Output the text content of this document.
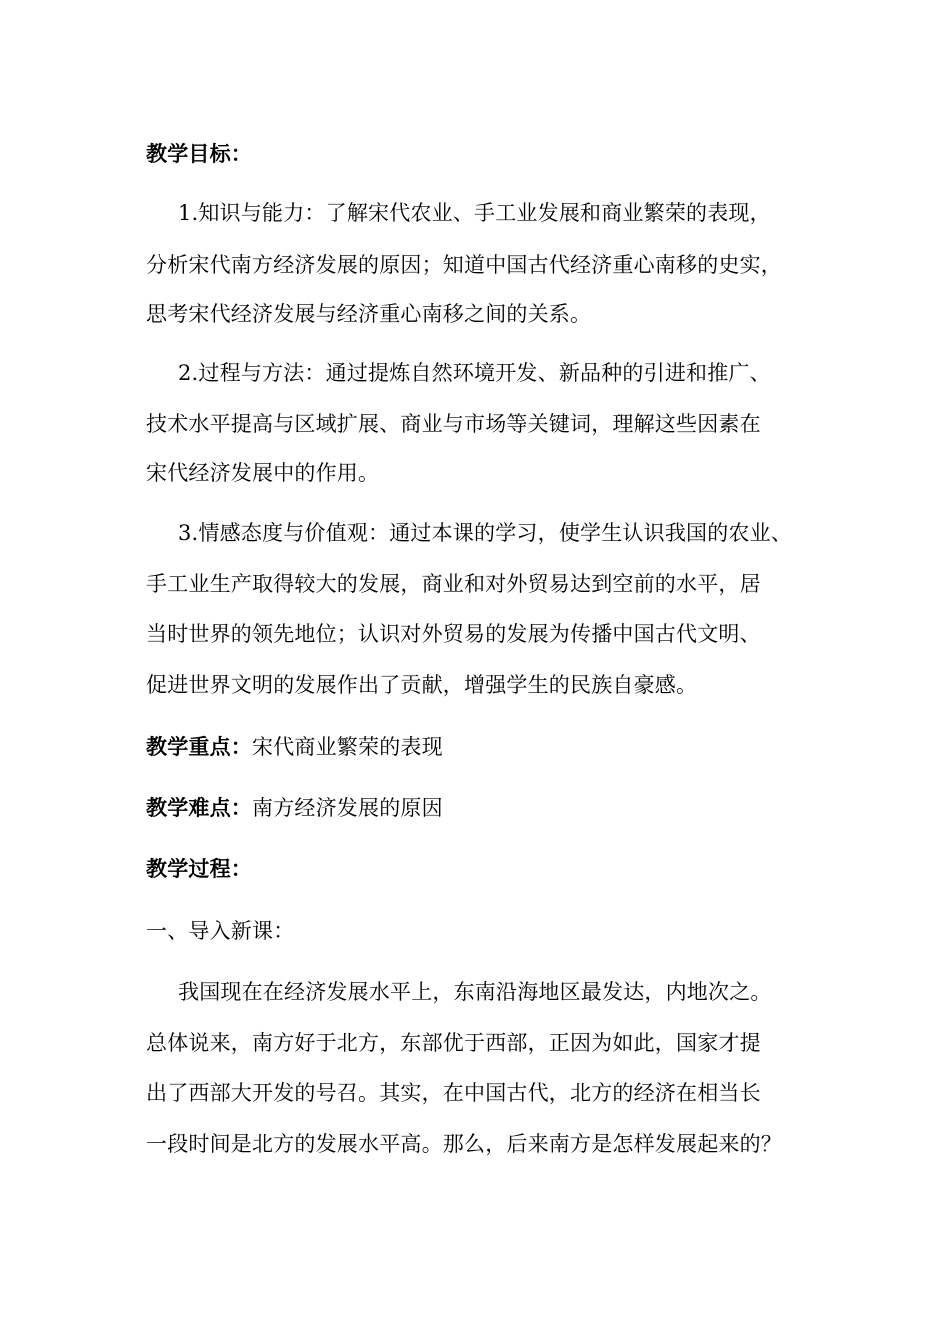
教学目标：
1.知识与能力：了解宋代农业、手工业发展和商业繁荣的表现，
分析宋代南方经济发展的原因；知道中国古代经济重心南移的史实，
思考宋代经济发展与经济重心南移之间的关系。
2.过程与方法：通过提炼自然环境开发、新品种的引进和推广、
技术水平提高与区域扩展、商业与市场等关键词，理解这些因素在
宋代经济发展中的作用。
3.情感态度与价值观：通过本课的学习，使学生认识我国的农业、
手工业生产取得较大的发展，商业和对外贸易达到空前的水平，居
当时世界的领先地位；认识对外贸易的发展为传播中国古代文明、
促进世界文明的发展作出了贡献，增强学生的民族自豪感。
教学重点：宋代商业繁荣的表现
教学难点：南方经济发展的原因
教学过程：
一、导入新课：
我国现在在经济发展水平上，东南沿海地区最发达，内地次之。
总体说来，南方好于北方，东部优于西部，正因为如此，国家才提
出了西部大开发的号召。其实，在中国古代，北方的经济在相当长
一段时间是北方的发展水平高。那么，后来南方是怎样发展起来的？
